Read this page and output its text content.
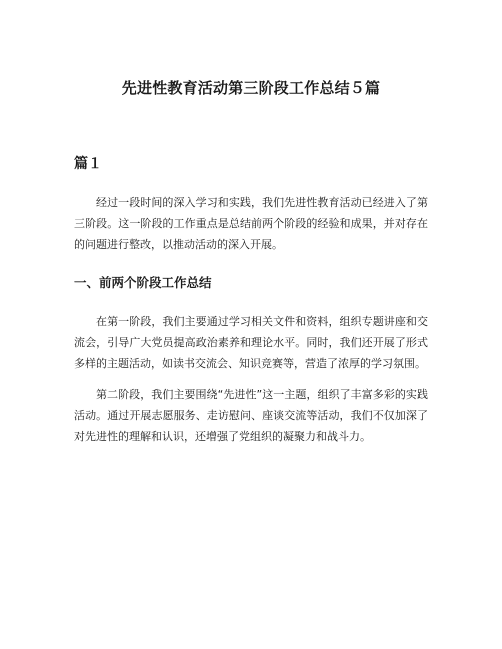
先进性教育活动第三阶段工作总结５篇
篇１

经过一段时间的深入学习和实践，我们先进性教育活动已经进入了第三阶段。这一阶段的工作重点是总结前两个阶段的经验和成果，并对存在的问题进行整改，以推动活动的深入开展。

一、前两个阶段工作总结

在第一阶段，我们主要通过学习相关文件和资料，组织专题讲座和交流会，引导广大党员提高政治素养和理论水平。同时，我们还开展了形式多样的主题活动，如读书交流会、知识竞赛等，营造了浓厚的学习氛围。

第二阶段，我们主要围绕“先进性”这一主题，组织了丰富多彩的实践活动。通过开展志愿服务、走访慰问、座谈交流等活动，我们不仅加深了对先进性的理解和认识，还增强了党组织的凝聚力和战斗力。
